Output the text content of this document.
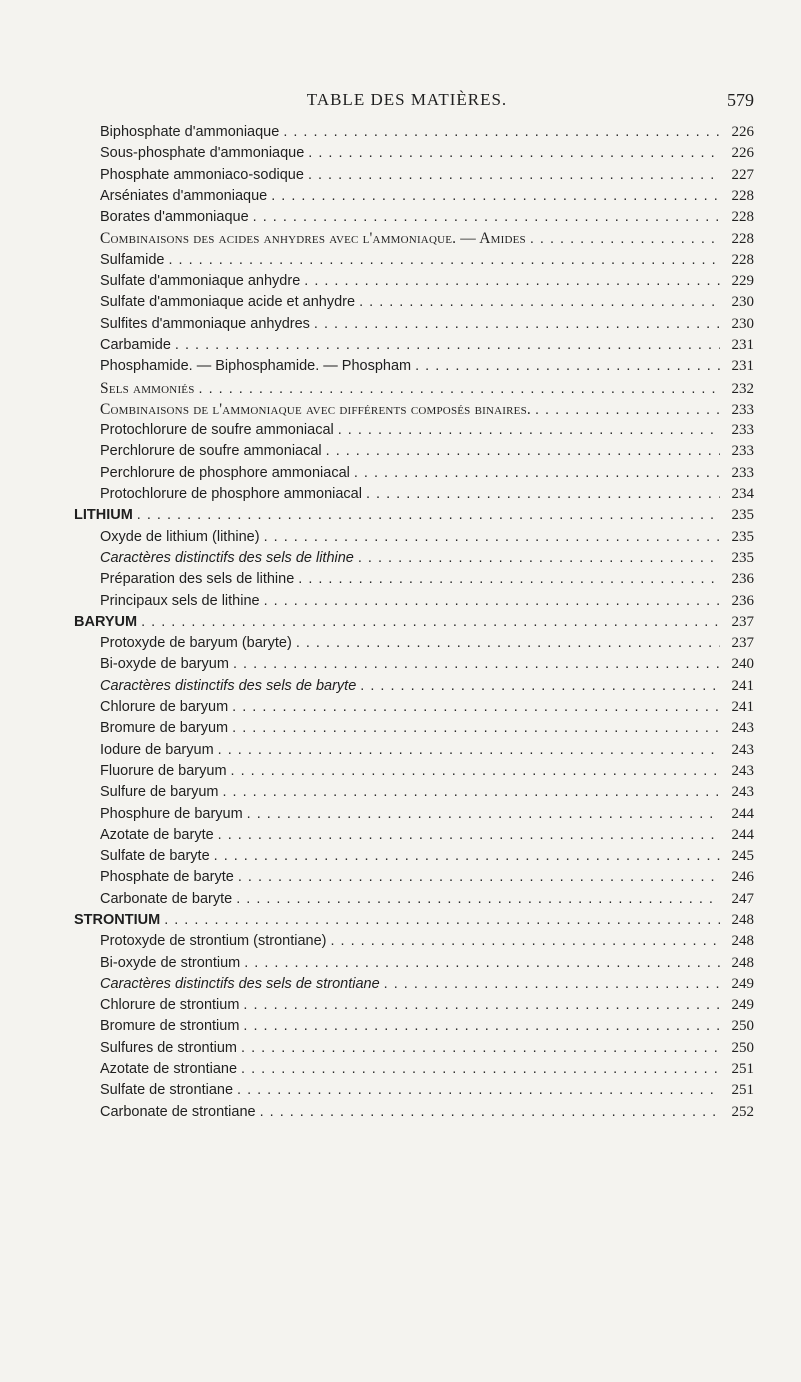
TABLE DES MATIÈRES.	579
Biphosphate d'ammoniaque . . .	226
Sous-phosphate d'ammoniaque . . .	226
Phosphate ammoniaco-sodique . . .	227
Arséniates d'ammoniaque . . .	228
Borates d'ammoniaque . . .	228
Combinaisons des acides anhydres avec l'ammoniaque. — Amides . . .	228
Sulfamide . . .	228
Sulfate d'ammoniaque anhydre . . .	229
Sulfate d'ammoniaque acide et anhydre . . .	230
Sulfites d'ammoniaque anhydres . . .	230
Carbamide . . .	231
Phosphamide. — Biphosphamide. — Phospham . . .	231
Sels ammoniés . . .	232
Combinaisons de l'ammoniaque avec différents composés binaires. . . .	233
Protochlorure de soufre ammoniacal . . .	233
Perchlorure de soufre ammoniacal . . .	233
Perchlorure de phosphore ammoniacal . . .	233
Protochlorure de phosphore ammoniacal . . .	234
LITHIUM . . .	235
Oxyde de lithium (lithine) . . .	235
Caractères distinctifs des sels de lithine . . .	235
Préparation des sels de lithine . . .	236
Principaux sels de lithine . . .	236
BARYUM . . .	237
Protoxyde de baryum (baryte) . . .	237
Bi-oxyde de baryum . . .	240
Caractères distinctifs des sels de baryte . . .	241
Chlorure de baryum . . .	241
Bromure de baryum . . .	243
Iodure de baryum . . .	243
Fluorure de baryum . . .	243
Sulfure de baryum . . .	243
Phosphure de baryum . . .	244
Azotate de baryte . . .	244
Sulfate de baryte . . .	245
Phosphate de baryte . . .	246
Carbonate de baryte . . .	247
STRONTIUM . . .	248
Protoxyde de strontium (strontiane) . . .	248
Bi-oxyde de strontium . . .	248
Caractères distinctifs des sels de strontiane . . .	249
Chlorure de strontium . . .	249
Bromure de strontium . . .	250
Sulfures de strontium . . .	250
Azotate de strontiane . . .	251
Sulfate de strontiane . . .	251
Carbonate de strontiane . . .	252
